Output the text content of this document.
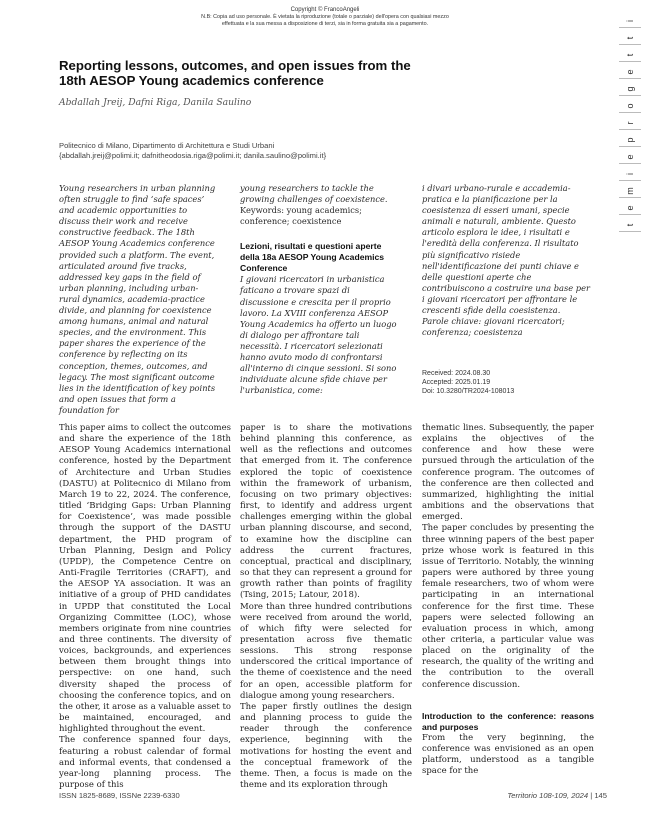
Copyright © FrancoAngeli
N.B: Copia ad uso personale. È vietata la riproduzione (totale o parziale) dell'opera con qualsiasi mezzo effettuata e la sua messa a disposizione di terzi, sia in forma gratuita sia a pagamento.
Reporting lessons, outcomes, and open issues from the 18th AESOP Young academics conference
Abdallah Jreij, Dafni Riga, Danila Saulino
Politecnico di Milano, Dipartimento di Architettura e Studi Urbani
{abdallah.jreij@polimi.it; dafnitheodosia.riga@polimi.it; danila.saulino@polimi.it}

Young researchers in urban planning often struggle to find ‘safe spaces’ and academic opportunities to discuss their work and receive constructive feedback. The 18th AESOP Young Academics conference provided such a platform. The event, articulated around five tracks, addressed key gaps in the field of urban planning, including urban-rural dynamics, academia-practice divide, and planning for coexistence among humans, animal and natural species, and the environment. This paper shares the experience of the conference by reflecting on its conception, themes, outcomes, and legacy. The most significant outcome lies in the identification of key points and open issues that form a foundation for

young researchers to tackle the growing challenges of coexistence.

Keywords: young academics; conference; coexistence

Lezioni, risultati e questioni aperte della 18a AESOP Young Academics Conference

I giovani ricercatori in urbanistica faticano a trovare spazi di discussione e crescita per il proprio lavoro. La XVIII conferenza AESOP Young Academics ha offerto un luogo di dialogo per affrontare tali necessità. I ricercatori selezionati hanno avuto modo di confrontarsi all'interno di cinque sessioni. Si sono individuate alcune sfide chiave per l'urbanistica, come:

i divari urbano-rurale e accademia-pratica e la pianificazione per la coesistenza di esseri umani, specie animali e naturali, ambiente. Questo articolo esplora le idee, i risultati e l'eredità della conferenza. Il risultato più significativo risiede nell'identificazione dei punti chiave e delle questioni aperte che contribuiscono a costruire una base per i giovani ricercatori per affrontare le crescenti sfide della coesistenza.

Parole chiave: giovani ricercatori; conferenza; coesistenza

Received: 2024.08.30
Accepted: 2025.01.19
Doi: 10.3280/TR2024-108013

This paper aims to collect the outcomes and share the experience of the 18th AESOP Young Academics international conference, hosted by the Department of Architecture and Urban Studies (DASTU) at Politecnico di Milano from March 19 to 22, 2024. The conference, titled ‘Bridging Gaps: Urban Planning for Coexistence’, was made possible through the support of the DASTU department, the PHD program of Urban Planning, Design and Policy (UPDP), the Competence Centre on Anti-Fragile Territories (CRAFT), and the AESOP YA association. It was an initiative of a group of PHD candidates in UPDP that constituted the Local Organizing Committee (LOC), whose members originate from nine countries and three continents. The diversity of voices, backgrounds, and experiences between them brought things into perspective: on one hand, such diversity shaped the process of choosing the conference topics, and on the other, it arose as a valuable asset to be maintained, encouraged, and highlighted throughout the event.

The conference spanned four days, featuring a robust calendar of formal and informal events, that condensed a year-long planning process. The purpose of this

paper is to share the motivations behind planning this conference, as well as the reflections and outcomes that emerged from it. The conference explored the topic of coexistence within the framework of urbanism, focusing on two primary objectives: first, to identify and address urgent challenges emerging within the global urban planning discourse, and second, to examine how the discipline can address the current fractures, conceptual, practical and disciplinary, so that they can represent a ground for growth rather than points of fragility (Tsing, 2015; Latour, 2018).

More than three hundred contributions were received from around the world, of which fifty were selected for presentation across five thematic sessions. This strong response underscored the critical importance of the theme of coexistence and the need for an open, accessible platform for dialogue among young researchers.

The paper firstly outlines the design and planning process to guide the reader through the conference experience, beginning with the motivations for hosting the event and the conceptual framework of the theme. Then, a focus is made on the theme and its exploration through

thematic lines. Subsequently, the paper explains the objectives of the conference and how these were pursued through the articulation of the conference program. The outcomes of the conference are then collected and summarized, highlighting the initial ambitions and the observations that emerged.

The paper concludes by presenting the three winning papers of the best paper prize whose work is featured in this issue of Territorio. Notably, the winning papers were authored by three young female researchers, two of whom were participating in an international conference for the first time. These papers were selected following an evaluation process in which, among other criteria, a particular value was placed on the originality of the research, the quality of the writing and the contribution to the overall conference discussion.

Introduction to the conference: reasons and purposes

From the very beginning, the conference was envisioned as an open platform, understood as a tangible space for the

t
e
m
i
e
p
r
o
g
e
t
t
i
ISSN 1825-8689, ISSNe 2239-6330	Territorio 108-109, 2024 | 145
